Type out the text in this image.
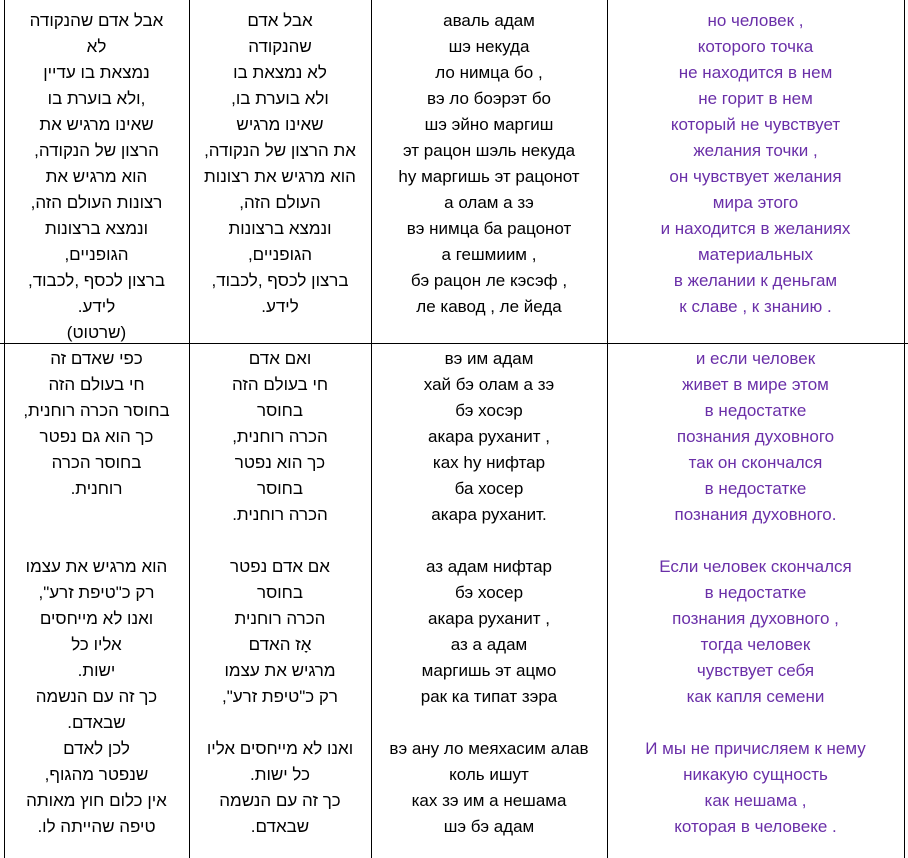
אבל אדם שהנקודה
לא
נמצאת בו עדיין
,ולא בוערת בו
שאינו מרגיש את
הרצון של הנקודה,
הוא מרגיש את
רצונות העולם הזה,
ונמצא ברצונות
הגופניים,
ברצון לכסף ,לכבוד,
לידע.
(שרטוט)
אבל אדם
שהנקודה
לא נמצאת בו
ולא בוערת בו,
שאינו מרגיש
את הרצון של הנקודה,
הוא מרגיש את רצונות
העולם הזה,
ונמצא ברצונות
הגופניים,
ברצון לכסף ,לכבוד,
לידע.
аваль адам
шэ некуда
ло нимца бо ,
вэ ло боэрэт бо
шэ эйно маргиш
эт рацон шэль некуда
hу маргишь эт рацонот
а олам а зэ
вэ нимца ба рацонот
а гешмиим ,
бэ рацон ле кэсэф ,
ле кавод , ле йеда
но человек ,
которого точка
не находится в нем
не горит в нем
который не чувствует
желания точки ,
он чувствует желания
мира этого
и находится в желаниях
материальных
в желании к деньгам
к славе , к знанию .
כפי שאדם זה
חי בעולם הזה
בחוסר הכרה רוחנית,
כך הוא גם נפטר
בחוסר הכרה
רוחנית.
הוא מרגיש את עצמו
רק כ"טיפת זרע",
ואנו לא מייחסים
אליו כל
ישות.
כך זה עם הנשמה
שבאדם.
לכן לאדם
שנפטר מהגוף,
אין כלום חוץ מאותה
טיפה שהייתה לו.
ואם אדם
חי בעולם הזה
בחוסר
הכרה רוחנית,
כך הוא נפטר
בחוסר
הכרה רוחנית.
אם אדם נפטר
בחוסר
הכרה רוחנית
אָז האדם
מרגיש את עצמו
רק כ"טיפת זרע",
ואנו לא מייחסים אליו
כל ישות.
כך זה עם הנשמה
שבאדם.
вэ им адам
хай бэ олам а зэ
бэ хосэр
акара руханит ,
ках hу нифтар
ба хосер
акара руханит.
аз адам нифтар
бэ хосер
акара руханит ,
аз а адам
маргишь эт ацмо
рак ка типат зэра
вэ ану ло меяхасим алав
коль ишут
ках зэ им а нешама
шэ бэ адам
и если человек
живет в мире этом
в недостатке
познания духовного
так он скончался
в недостатке
познания духовного.
Если человек скончался
в недостатке
познания духовного ,
тогда человек
чувствует себя
как капля семени
И мы не причисляем к нему
никакую сущность
как нешама ,
которая в человеке .
